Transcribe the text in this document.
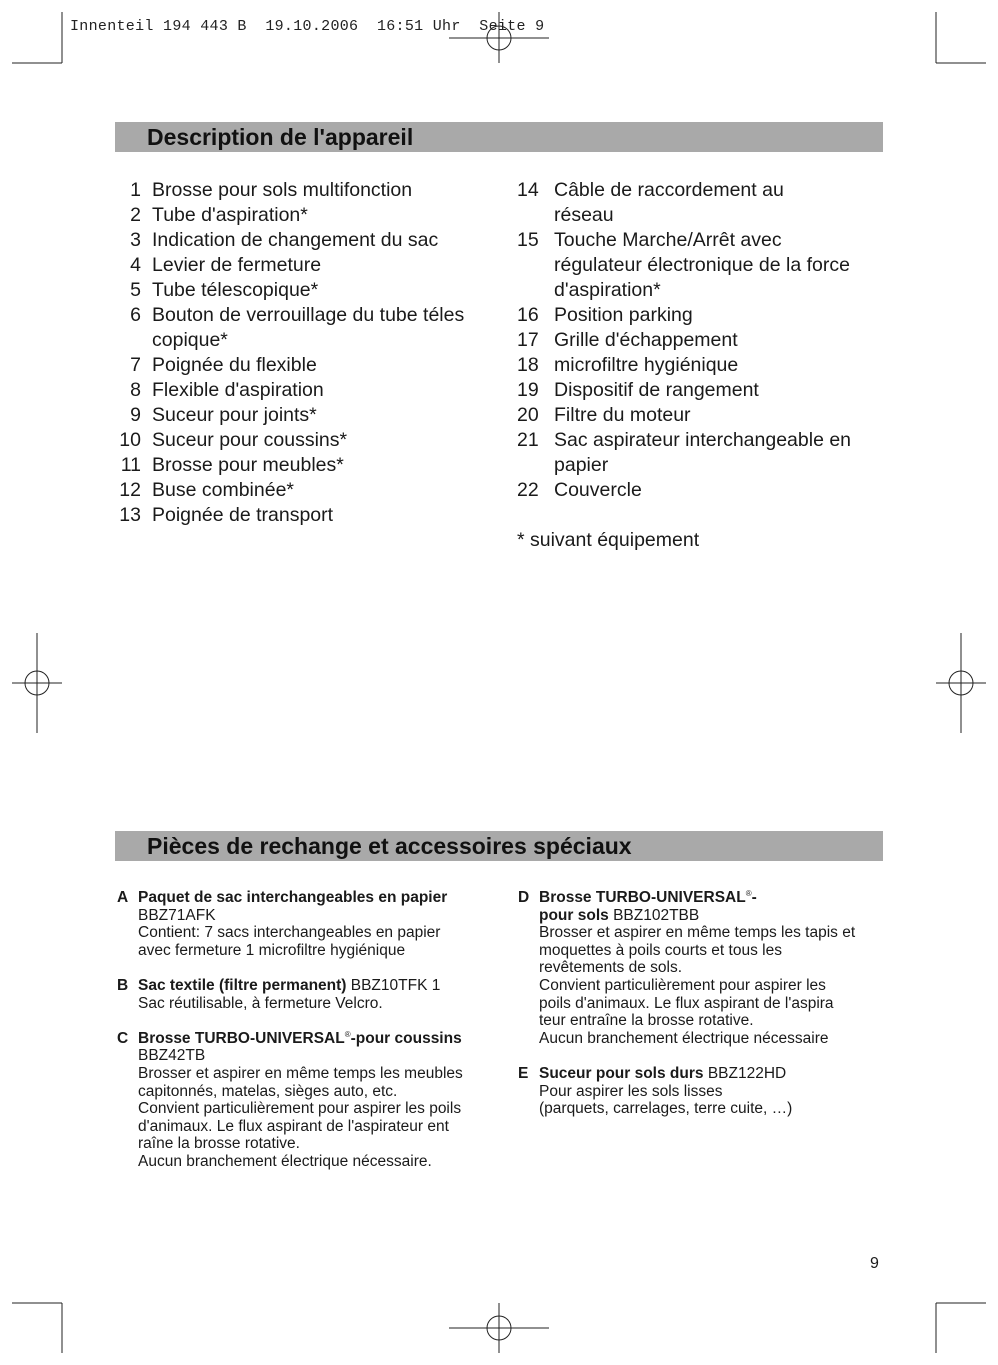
Innenteil 194 443 B  19.10.2006  16:51 Uhr  Seite 9
Description de l'appareil
1 Brosse pour sols multifonction
2 Tube d'aspiration*
3 Indication de changement du sac
4 Levier de fermeture
5 Tube télescopique*
6 Bouton de verrouillage du tube téles
copique*
7 Poignée du flexible
8 Flexible d'aspiration
9 Suceur pour joints*
10 Suceur pour coussins*
11 Brosse pour meubles*
12 Buse combinée*
13 Poignée de transport
14 Câble de raccordement au
réseau
15 Touche Marche/Arrêt avec
régulateur électronique de la force
d'aspiration*
16 Position parking
17 Grille d'échappement
18 microfiltre hygiénique
19 Dispositif de rangement
20 Filtre du moteur
21 Sac aspirateur interchangeable en
papier
22 Couvercle
* suivant équipement
Pièces de rechange et accessoires spéciaux
A Paquet de sac interchangeables en papier
BBZ71AFK
Contient: 7 sacs interchangeables en papier
avec fermeture 1 microfiltre hygiénique
B Sac textile (filtre permanent) BBZ10TFK 1
Sac réutilisable, à fermeture Velcro.
C Brosse TURBO-UNIVERSAL®-pour coussins
BBZ42TB
Brosser et aspirer en même temps les meubles
capitonnés, matelas, sièges auto, etc.
Convient particulièrement pour aspirer les poils
d'animaux. Le flux aspirant de l'aspirateur ent
raîne la brosse rotative.
Aucun branchement électrique nécessaire.
D Brosse TURBO-UNIVERSAL®-
pour sols BBZ102TBB
Brosser et aspirer en même temps les tapis et
moquettes à poils courts et tous les
revêtements de sols.
Convient particulièrement pour aspirer les
poils d'animaux. Le flux aspirant de l'aspira
teur entraîne la brosse rotative.
Aucun branchement électrique nécessaire
E Suceur pour sols durs BBZ122HD
Pour aspirer les sols lisses
(parquets, carrelages, terre cuite, …)
9
